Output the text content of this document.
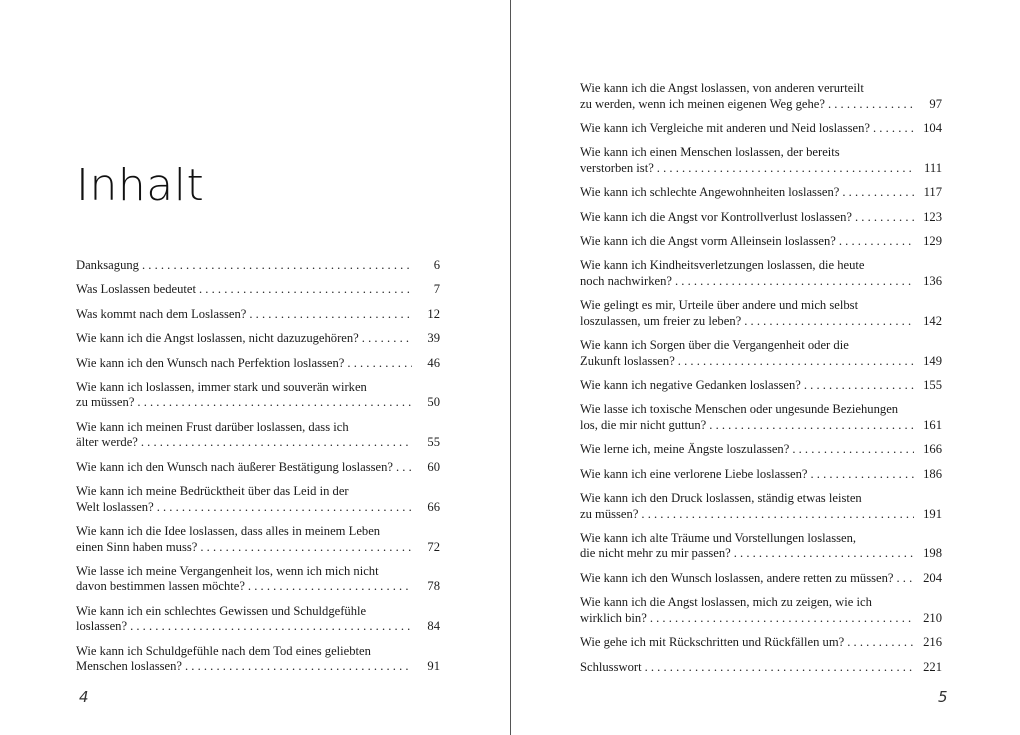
Inhalt
Danksagung . . .	6
Was Loslassen bedeutet . . .	7
Was kommt nach dem Loslassen? . . .	12
Wie kann ich die Angst loslassen, nicht dazuzugehören? . . .	39
Wie kann ich den Wunsch nach Perfektion loslassen? . . .	46
Wie kann ich loslassen, immer stark und souverän wirken
zu müssen? . . .	50
Wie kann ich meinen Frust darüber loslassen, dass ich
älter werde? . . .	55
Wie kann ich den Wunsch nach äußerer Bestätigung loslassen? . . .	60
Wie kann ich meine Bedrücktheit über das Leid in der
Welt loslassen? . . .	66
Wie kann ich die Idee loslassen, dass alles in meinem Leben
einen Sinn haben muss? . . .	72
Wie lasse ich meine Vergangenheit los, wenn ich mich nicht
davon bestimmen lassen möchte? . . .	78
Wie kann ich ein schlechtes Gewissen und Schuldgefühle
loslassen? . . .	84
Wie kann ich Schuldgefühle nach dem Tod eines geliebten
Menschen loslassen? . . .	91
4
Wie kann ich die Angst loslassen, von anderen verurteilt
zu werden, wenn ich meinen eigenen Weg gehe? . . .	97
Wie kann ich Vergleiche mit anderen und Neid loslassen? . . .	104
Wie kann ich einen Menschen loslassen, der bereits
verstorben ist? . . .	111
Wie kann ich schlechte Angewohnheiten loslassen? . . .	117
Wie kann ich die Angst vor Kontrollverlust loslassen? . . .	123
Wie kann ich die Angst vorm Alleinsein loslassen? . . .	129
Wie kann ich Kindheitsverletzungen loslassen, die heute
noch nachwirken? . . .	136
Wie gelingt es mir, Urteile über andere und mich selbst
loszulassen, um freier zu leben? . . .	142
Wie kann ich Sorgen über die Vergangenheit oder die
Zukunft loslassen? . . .	149
Wie kann ich negative Gedanken loslassen? . . .	155
Wie lasse ich toxische Menschen oder ungesunde Beziehungen
los, die mir nicht guttun? . . .	161
Wie lerne ich, meine Ängste loszulassen? . . .	166
Wie kann ich eine verlorene Liebe loslassen? . . .	186
Wie kann ich den Druck loslassen, ständig etwas leisten
zu müssen? . . .	191
Wie kann ich alte Träume und Vorstellungen loslassen,
die nicht mehr zu mir passen? . . .	198
Wie kann ich den Wunsch loslassen, andere retten zu müssen? . . .	204
Wie kann ich die Angst loslassen, mich zu zeigen, wie ich
wirklich bin? . . .	210
Wie gehe ich mit Rückschritten und Rückfällen um? . . .	216
Schlusswort . . .	221
5
